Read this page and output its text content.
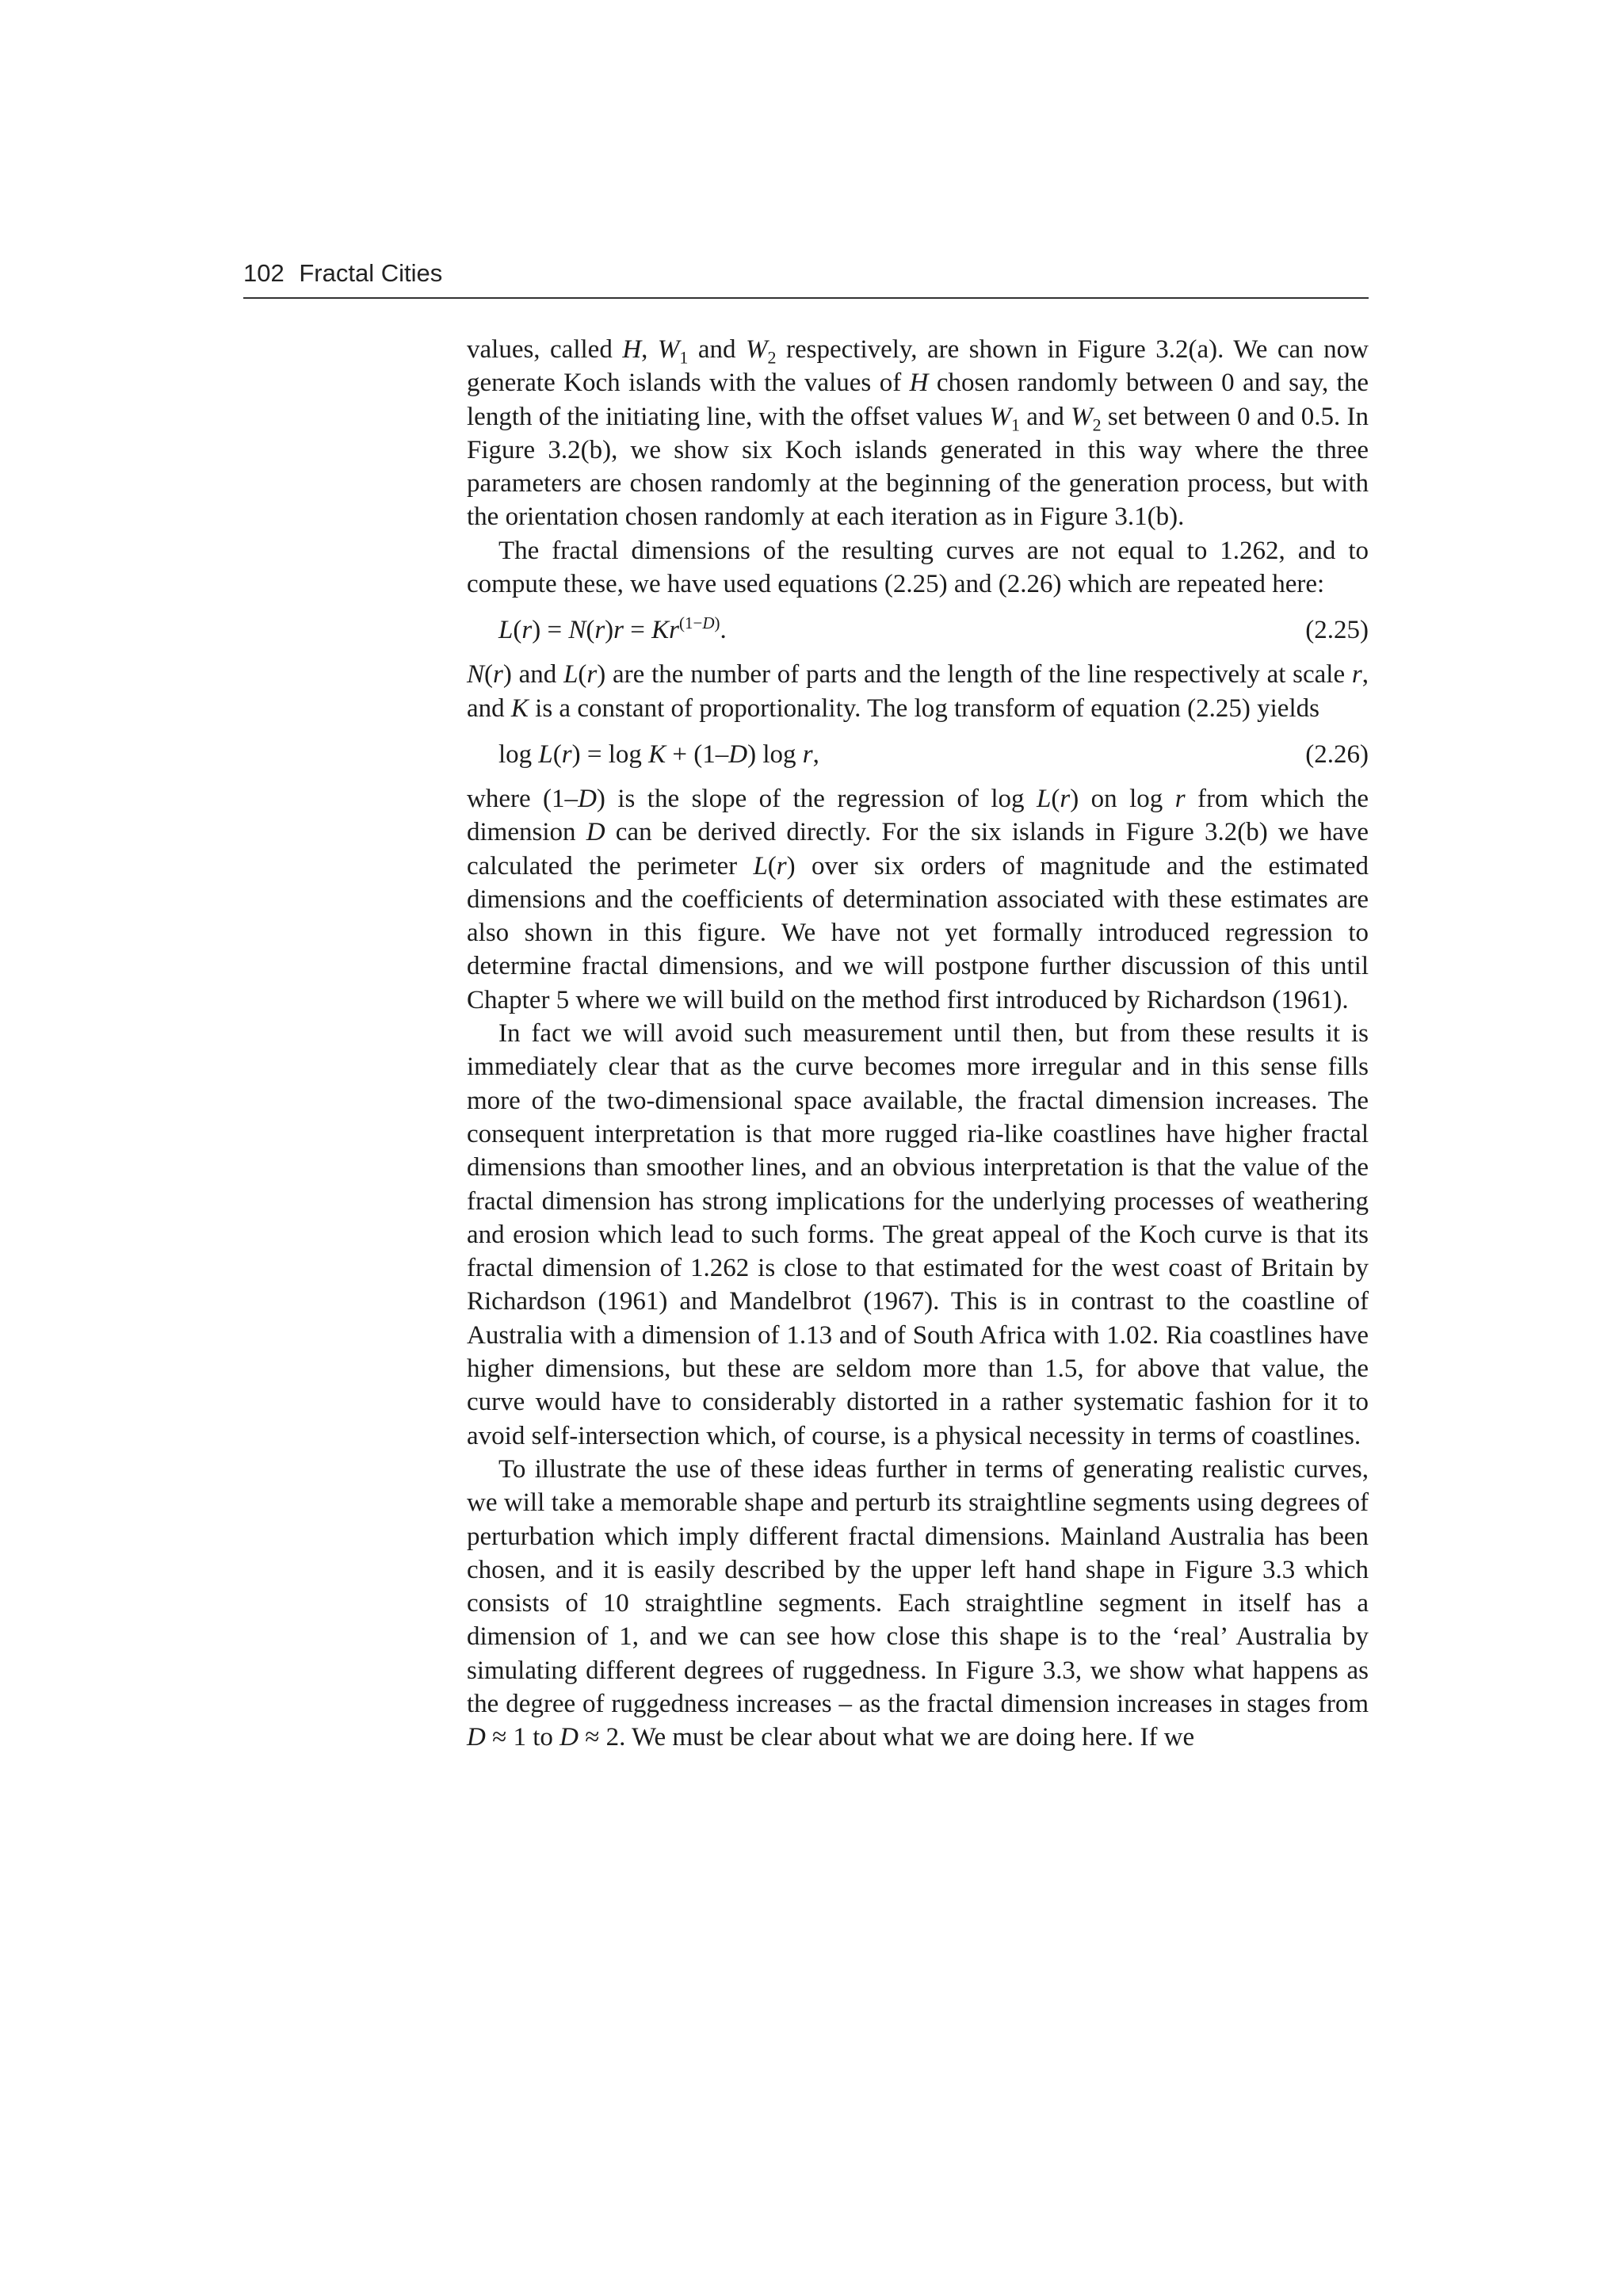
102 Fractal Cities

values, called H, $W_1$ and $W_2$ respectively, are shown in Figure 3.2(a). We can now generate Koch islands with the values of H chosen randomly between 0 and say, the length of the initiating line, with the offset values $W_1$ and $W_2$ set between 0 and 0.5. In Figure 3.2(b), we show six Koch islands generated in this way where the three parameters are chosen randomly at the beginning of the generation process, but with the orientation chosen randomly at each iteration as in Figure 3.1(b).

The fractal dimensions of the resulting curves are not equal to 1.262, and to compute these, we have used equations (2.25) and (2.26) which are repeated here:

$L(r) = N(r)r = Kr^{(1-D)}$.	(2.25)

N(r) and L(r) are the number of parts and the length of the line respectively at scale r, and K is a constant of proportionality. The log transform of equation (2.25) yields

log L(r) = log K + (1–D) log r,	(2.26)

where (1–D) is the slope of the regression of log L(r) on log r from which the dimension D can be derived directly. For the six islands in Figure 3.2(b) we have calculated the perimeter L(r) over six orders of magnitude and the estimated dimensions and the coefficients of determination associated with these estimates are also shown in this figure. We have not yet formally introduced regression to determine fractal dimensions, and we will postpone further discussion of this until Chapter 5 where we will build on the method first introduced by Richardson (1961).

In fact we will avoid such measurement until then, but from these results it is immediately clear that as the curve becomes more irregular and in this sense fills more of the two-dimensional space available, the fractal dimension increases. The consequent interpretation is that more rugged ria-like coastlines have higher fractal dimensions than smoother lines, and an obvious interpretation is that the value of the fractal dimension has strong implications for the underlying processes of weathering and erosion which lead to such forms. The great appeal of the Koch curve is that its fractal dimension of 1.262 is close to that estimated for the west coast of Britain by Richardson (1961) and Mandelbrot (1967). This is in contrast to the coastline of Australia with a dimension of 1.13 and of South Africa with 1.02. Ria coastlines have higher dimensions, but these are seldom more than 1.5, for above that value, the curve would have to considerably distorted in a rather systematic fashion for it to avoid self-intersection which, of course, is a physical necessity in terms of coastlines.

To illustrate the use of these ideas further in terms of generating realistic curves, we will take a memorable shape and perturb its straightline segments using degrees of perturbation which imply different fractal dimensions. Mainland Australia has been chosen, and it is easily described by the upper left hand shape in Figure 3.3 which consists of 10 straightline segments. Each straightline segment in itself has a dimension of 1, and we can see how close this shape is to the ‘real’ Australia by simulating different degrees of ruggedness. In Figure 3.3, we show what happens as the degree of ruggedness increases – as the fractal dimension increases in stages from D ≈ 1 to D ≈ 2. We must be clear about what we are doing here. If we
